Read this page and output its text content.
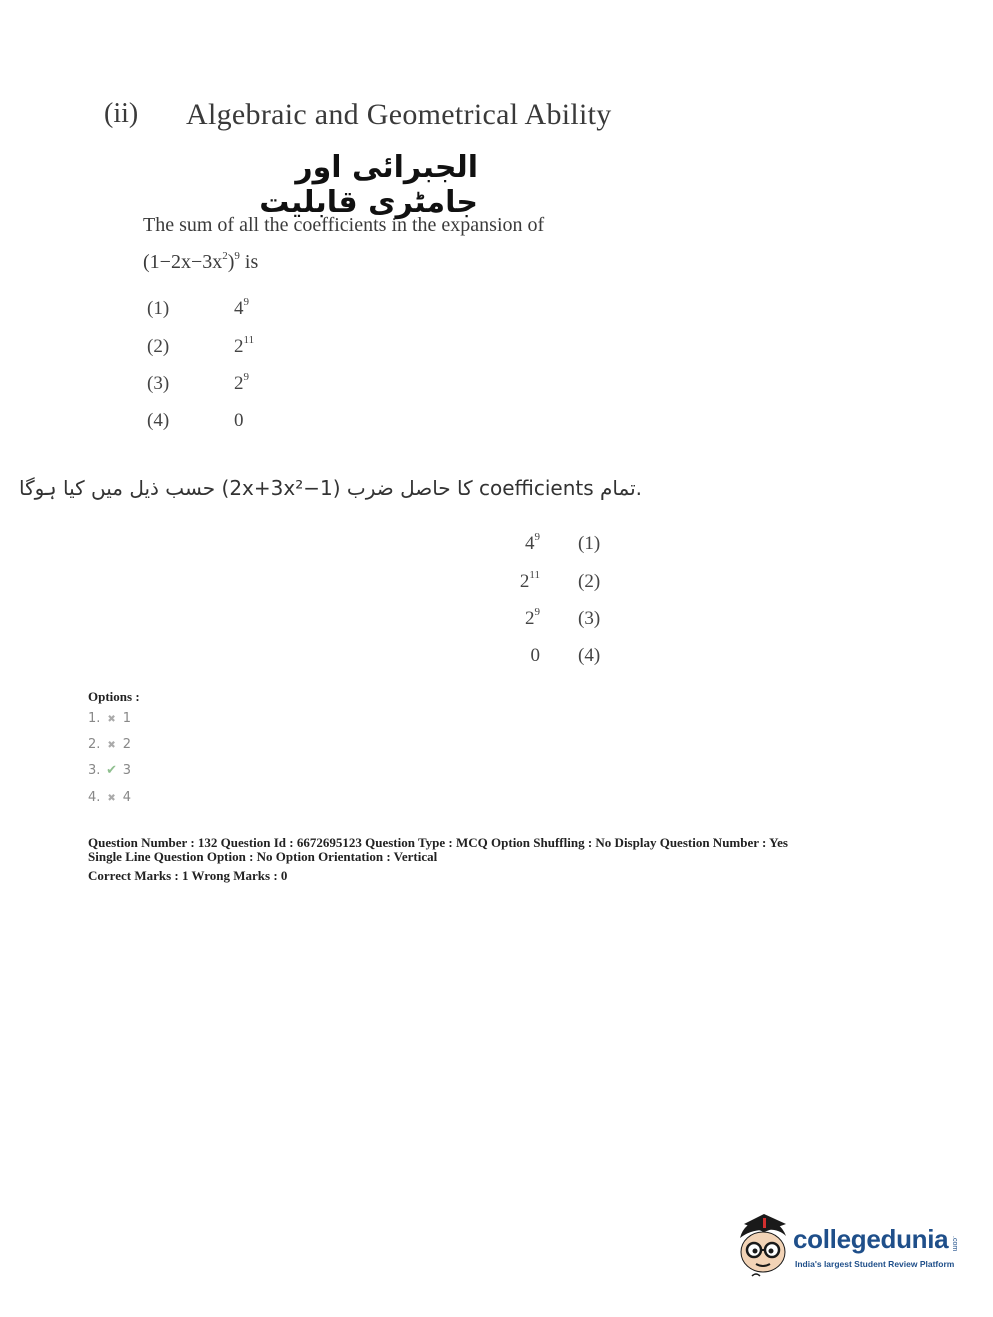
(ii) Algebraic and Geometrical Ability
الجبرائی اور جامٹری قابلیت
The sum of all the coefficients in the expansion of
$(1-2x-3x^2)^9$ is
(1)	$4^9$
(2)	$2^{11}$
(3)	$2^9$
(4)	0
.تمام coefficients کا حاصل ضرب (1−2x+3x²) حسب ذیل میں کیا ہوگا
$4^9$ (1)
$2^{11}$ (2)
$2^9$ (3)
0 (4)
Options :
1. ✖ 1
2. ✖ 2
3. ✔ 3
4. ✖ 4
Question Number : 132 Question Id : 6672695123 Question Type : MCQ Option Shuffling : No Display Question Number : Yes
Single Line Question Option : No Option Orientation : Vertical
Correct Marks : 1 Wrong Marks : 0
collegedunia .com
India's largest Student Review Platform
